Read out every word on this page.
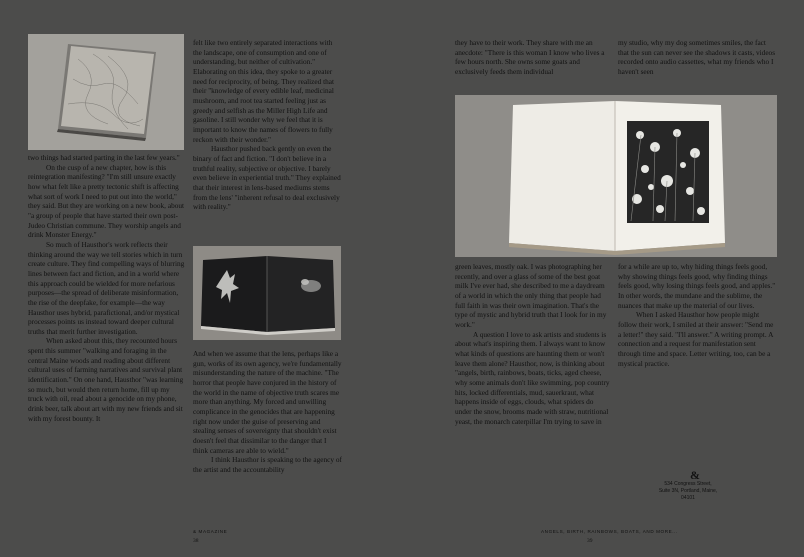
two things had started parting in the last few years."

On the cusp of a new chapter, how is this reintegration manifesting? "I'm still unsure exactly how what felt like a pretty tectonic shift is affecting what sort of work I need to put out into the world," they said. But they are working on a new book, about "a group of people that have started their own post-Judeo Christian commune. They worship angels and drink Monster Energy."

So much of Hausthor's work reflects their thinking around the way we tell stories which in turn create culture. They find compelling ways of blurring lines between fact and fiction, and in a world where this approach could be wielded for more nefarious purposes—the spread of deliberate misinformation, the rise of the deepfake, for example—the way Hausthor uses hybrid, parafictional, and/or mystical processes points us instead toward deeper cultural truths that merit further investigation.

When asked about this, they recounted hours spent this summer "walking and foraging in the central Maine woods and reading about different cultural uses of farming narratives and survival plant identification." On one hand, Hausthor "was learning so much, but would then return home, fill up my truck with oil, read about a genocide on my phone, drink beer, talk about art with my new friends and sit with my forest bounty. It

felt like two entirely separated interactions with the landscape, one of consumption and one of understanding, but neither of cultivation." Elaborating on this idea, they spoke to a greater need for reciprocity, of being. They realized that their "knowledge of every edible leaf, medicinal mushroom, and root tea started feeling just as greedy and selfish as the Miller High Life and gasoline. I still wonder why we feel that it is important to know the names of flowers to fully reckon with their wonder."

Hausthor pushed back gently on even the binary of fact and fiction. "I don't believe in a truthful reality, subjective or objective. I barely even believe in experiential truth." They explained that their interest in lens-based mediums stems from the lens' "inherent refusal to deal exclusively with reality."

And when we assume that the lens, perhaps like a gun, works of its own agency, we're fundamentally misunderstanding the nature of the machine. "The horror that people have conjured in the history of the world in the name of objective truth scares me more than anything. My forced and unwilling complicance in the genocides that are happening right now under the guise of preserving and stealing senses of sovereignty that shouldn't exist doesn't feel that dissimilar to the danger that I think cameras are able to wield."

I think Hausthor is speaking to the agency of the artist and the accountability

they have to their work. They share with me an anecdote: "There is this woman I know who lives a few hours north. She owns some goats and exclusively feeds them individual

my studio, why my dog sometimes smiles, the fact that the sun can never see the shadows it casts, videos recorded onto audio cassettes, what my friends who I haven't seen

green leaves, mostly oak. I was photographing her recently, and over a glass of some of the best goat milk I've ever had, she described to me a daydream of a world in which the only thing that people had full faith in was their own imagination. That's the type of mystic and hybrid truth that I look for in my work."

A question I love to ask artists and students is about what's inspiring them. I always want to know what kinds of questions are haunting them or won't leave them alone? Hausthor, now, is thinking about "angels, birth, rainbows, boats, ticks, aged cheese, why some animals don't like swimming, pop country hits, locked differentials, mud, sauerkraut, what happens inside of eggs, clouds, what spiders do under the snow, brooms made with straw, nutritional yeast, the monarch caterpillar I'm trying to save in

for a while are up to, why hiding things feels good, why showing things feels good, why finding things feels good, why losing things feels good, and apples." In other words, the mundane and the sublime, the nuances that make up the material of our lives.

When I asked Hausthor how people might follow their work, I smiled at their answer: "Send me a letter!" they said. "I'll answer." A writing prompt. A connection and a request for manifestation sent through time and space. Letter writing, too, can be a mystical practice.

&
534 Congress Street,
Suite 3N, Portland, Maine,
04101
& MAGAZINE
38
ANGELS, BIRTH, RAINBOWS, BOATS, AND MORE...
39
